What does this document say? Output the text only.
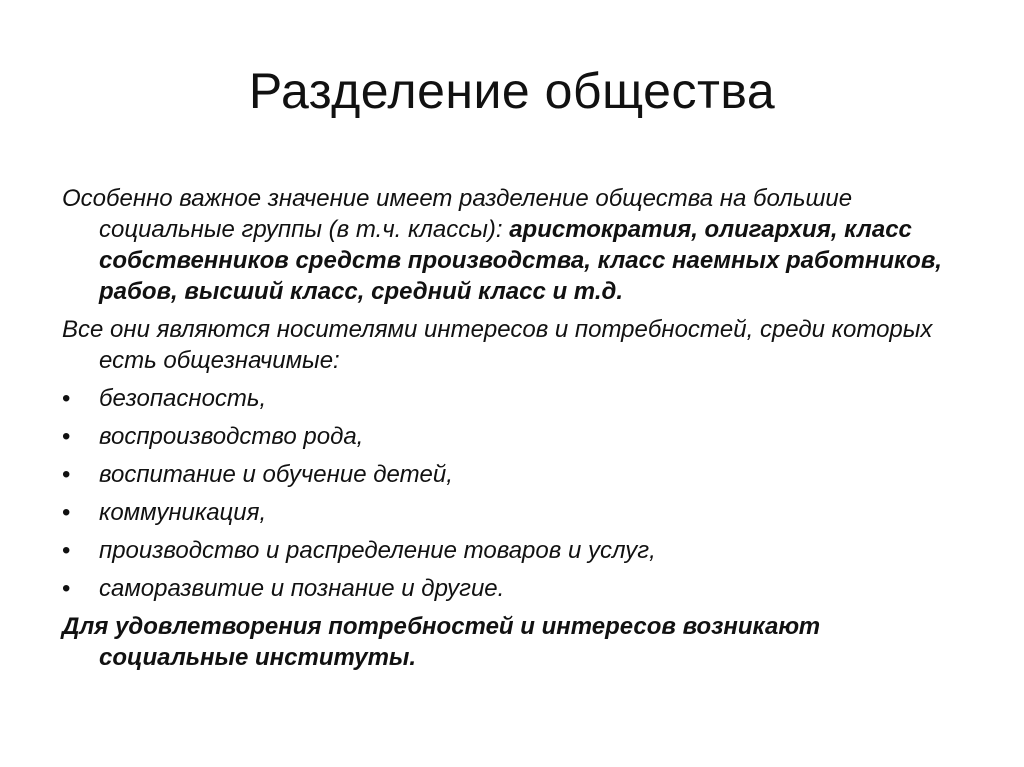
Разделение общества

Особенно важное значение имеет разделение общества на большие социальные группы (в т.ч. классы): аристократия, олигархия, класс собственников средств производства, класс наемных работников, рабов, высший класс, средний класс и т.д.

Все они являются носителями интересов и потребностей, среди которых есть общезначимые:

• безопасность,
• воспроизводство рода,
• воспитание и обучение детей,
• коммуникация,
• производство и распределение товаров и услуг,
• саморазвитие и познание и другие.

Для удовлетворения потребностей и интересов возникают социальные институты.
